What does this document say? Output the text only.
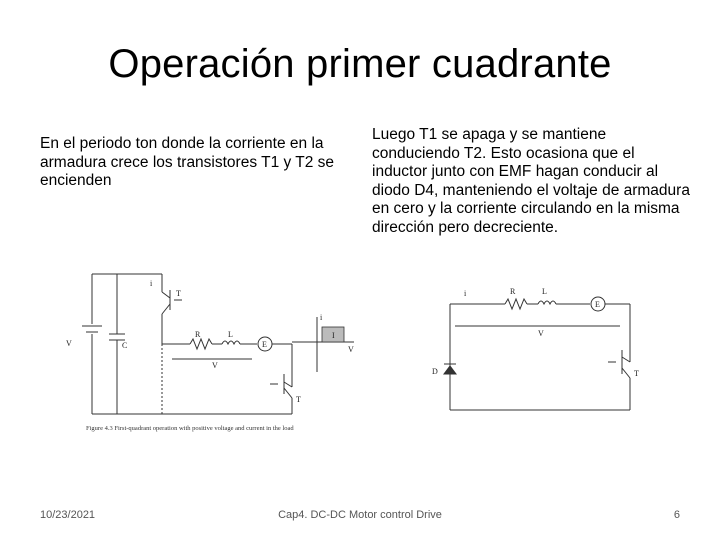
Operación primer cuadrante
En el periodo ton donde la corriente en la armadura crece los transistores T1 y T2 se encienden
Luego T1 se apaga y se mantiene conduciendo T2. Esto ocasiona que el inductor junto con EMF hagan conducir al diodo D4, manteniendo el voltaje de armadura en cero y la corriente circulando en la misma dirección pero decreciente.
V	C
i
T
R	L
E
V
T
i
V
I
Figure 4.3 First-quadrant operation with positive voltage and current in the load
i	R	L
E
V
D	T
10/23/2021	Cap4. DC-DC Motor control Drive	6
